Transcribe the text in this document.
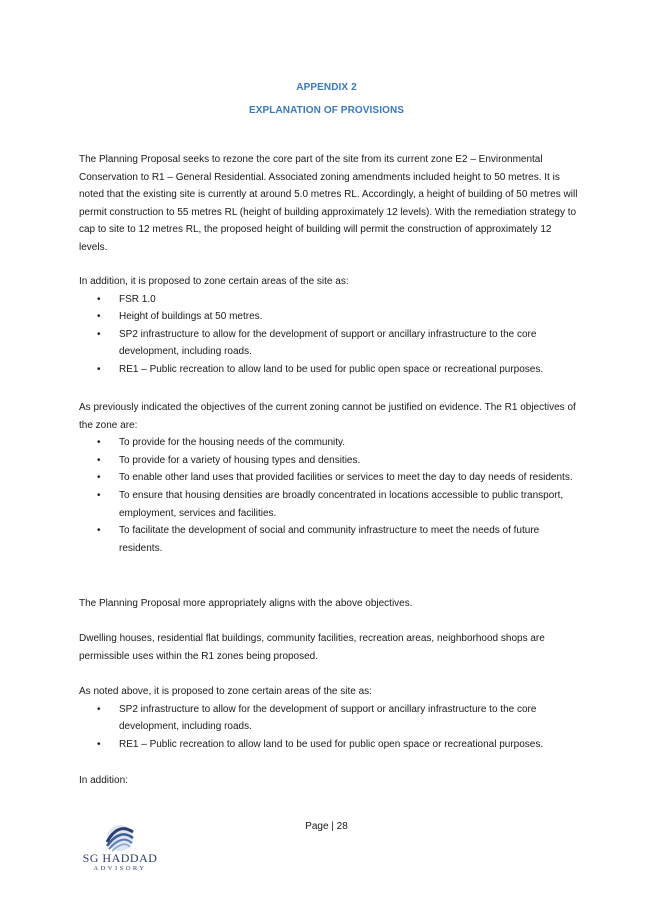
APPENDIX 2
EXPLANATION OF PROVISIONS

The Planning Proposal seeks to rezone the core part of the site from its current zone E2 – Environmental Conservation to R1 – General Residential. Associated zoning amendments included height to 50 metres. It is noted that the existing site is currently at around 5.0 metres RL. Accordingly, a height of building of 50 metres will permit construction to 55 metres RL (height of building approximately 12 levels). With the remediation strategy to cap to site to 12 metres RL, the proposed height of building will permit the construction of approximately 12 levels.

In addition, it is proposed to zone certain areas of the site as:

• FSR 1.0
• Height of buildings at 50 metres.
• SP2 infrastructure to allow for the development of support or ancillary infrastructure to the core development, including roads.
• RE1 – Public recreation to allow land to be used for public open space or recreational purposes.

As previously indicated the objectives of the current zoning cannot be justified on evidence. The R1 objectives of the zone are:

• To provide for the housing needs of the community.
• To provide for a variety of housing types and densities.
• To enable other land uses that provided facilities or services to meet the day to day needs of residents.
• To ensure that housing densities are broadly concentrated in locations accessible to public transport, employment, services and facilities.
• To facilitate the development of social and community infrastructure to meet the needs of future residents.

The Planning Proposal more appropriately aligns with the above objectives.

Dwelling houses, residential flat buildings, community facilities, recreation areas, neighborhood shops are permissible uses within the R1 zones being proposed.

As noted above, it is proposed to zone certain areas of the site as:

• SP2 infrastructure to allow for the development of support or ancillary infrastructure to the core development, including roads.
• RE1 – Public recreation to allow land to be used for public open space or recreational purposes.

In addition:

Page | 28
SG HADDAD
ADVISORY
